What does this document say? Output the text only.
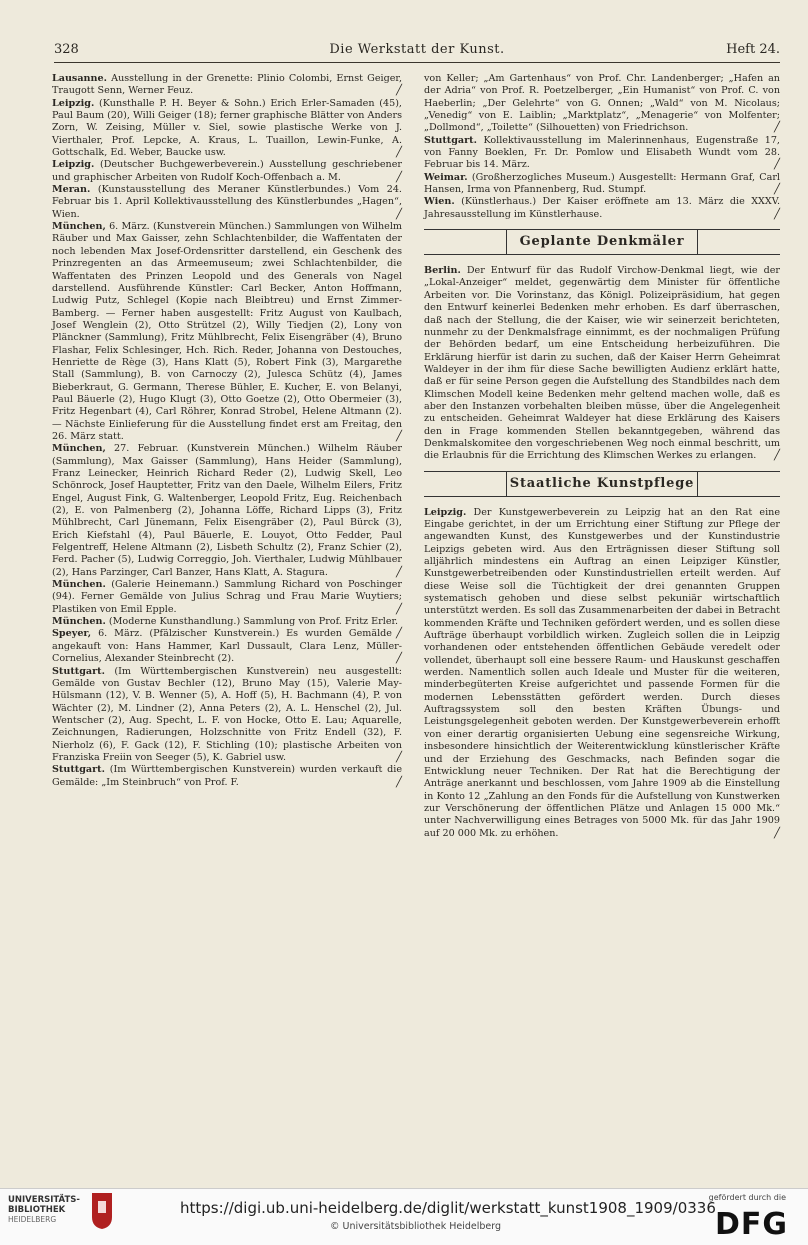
328	Die Werkstatt der Kunst.	Heft 24.

Lausanne. Ausstellung in der Grenette: Plinio Colombi, Ernst Geiger, Traugott Senn, Werner Feuz.	╱

Leipzig. (Kunsthalle P. H. Beyer & Sohn.) Erich Erler-Samaden (45), Paul Baum (20), Willi Geiger (18); ferner graphische Blätter von Anders Zorn, W. Zeising, Müller v. Siel, sowie plastische Werke von J. Vierthaler, Prof. Lepcke, A. Kraus, L. Tuaillon, Lewin-Funke, A. Gottschalk, Ed. Weber, Baucke usw.	╱

Leipzig. (Deutscher Buchgewerbeverein.) Ausstellung geschriebener und graphischer Arbeiten von Rudolf Koch-Offenbach a. M.	╱

Meran. (Kunstausstellung des Meraner Künstlerbundes.) Vom 24. Februar bis 1. April Kollektivausstellung des Künstlerbundes „Hagen“, Wien.	╱

München, 6. März. (Kunstverein München.) Sammlungen von Wilhelm Räuber und Max Gaisser, zehn Schlachtenbilder, die Waffentaten der noch lebenden Max Josef-Ordensritter darstellend, ein Geschenk des Prinzregenten an das Armeemuseum; zwei Schlachtenbilder, die Waffentaten des Prinzen Leopold und des Generals von Nagel darstellend. Ausführende Künstler: Carl Becker, Anton Hoffmann, Ludwig Putz, Schlegel (Kopie nach Bleibtreu) und Ernst Zimmer-Bamberg. — Ferner haben ausgestellt: Fritz August von Kaulbach, Josef Wenglein (2), Otto Strützel (2), Willy Tiedjen (2), Lony von Plänckner (Sammlung), Fritz Mühlbrecht, Felix Eisengräber (4), Bruno Flashar, Felix Schlesinger, Hch. Rich. Reder, Johanna von Destouches, Henriette de Rège (3), Hans Klatt (5), Robert Fink (3), Margarethe Stall (Sammlung), B. von Carnoczy (2), Julesca Schütz (4), James Bieberkraut, G. Germann, Therese Bühler, E. Kucher, E. von Belanyi, Paul Bäuerle (2), Hugo Klugt (3), Otto Goetze (2), Otto Obermeier (3), Fritz Hegenbart (4), Carl Röhrer, Konrad Strobel, Helene Altmann (2). — Nächste Einlieferung für die Ausstellung findet erst am Freitag, den 26. März statt.	╱

München, 27. Februar. (Kunstverein München.) Wilhelm Räuber (Sammlung), Max Gaisser (Sammlung), Hans Heider (Sammlung), Franz Leinecker, Heinrich Richard Reder (2), Ludwig Skell, Leo Schönrock, Josef Hauptetter, Fritz van den Daele, Wilhelm Eilers, Fritz Engel, August Fink, G. Waltenberger, Leopold Fritz, Eug. Reichenbach (2), E. von Palmenberg (2), Johanna Löffe, Richard Lipps (3), Fritz Mühlbrecht, Carl Jünemann, Felix Eisengräber (2), Paul Bürck (3), Erich Kiefstahl (4), Paul Bäuerle, E. Louyot, Otto Fedder, Paul Felgentreff, Helene Altmann (2), Lisbeth Schultz (2), Franz Schier (2), Ferd. Pacher (5), Ludwig Correggio, Joh. Vierthaler, Ludwig Mühlbauer (2), Hans Parzinger, Carl Banzer, Hans Klatt, A. Stagura.	╱

München. (Galerie Heinemann.) Sammlung Richard von Poschinger (94). Ferner Gemälde von Julius Schrag und Frau Marie Wuytiers; Plastiken von Emil Epple.	╱

München. (Moderne Kunsthandlung.) Sammlung von Prof. Fritz Erler.
╱

Speyer, 6. März. (Pfälzischer Kunstverein.) Es wurden Gemälde angekauft von: Hans Hammer, Karl Dussault, Clara Lenz, Müller-Cornelius, Alexander Steinbrecht (2).	╱

Stuttgart. (Im Württembergischen Kunstverein) neu ausgestellt: Gemälde von Gustav Bechler (12), Bruno May (15), Valerie May-Hülsmann (12), V. B. Wenner (5), A. Hoff (5), H. Bachmann (4), P. von Wächter (2), M. Lindner (2), Anna Peters (2), A. L. Henschel (2), Jul. Wentscher (2), Aug. Specht, L. F. von Hocke, Otto E. Lau; Aquarelle, Zeichnungen, Radierungen, Holzschnitte von Fritz Endell (32), F. Nierholz (6), F. Gack (12), F. Stichling (10); plastische Arbeiten von Franziska Freiin von Seeger (5), K. Gabriel usw.	╱

Stuttgart. (Im Württembergischen Kunstverein) wurden verkauft die Gemälde: „Im Steinbruch“ von Prof. F.	╱

von Keller; „Am Gartenhaus“ von Prof. Chr. Landenberger; „Hafen an der Adria“ von Prof. R. Poetzelberger, „Ein Humanist“ von Prof. C. von Haeberlin; „Der Gelehrte“ von G. Onnen; „Wald“ von M. Nicolaus; „Venedig“ von E. Laiblin; „Marktplatz“, „Menagerie“ von Molfenter; „Dollmond“, „Toilette“ (Silhouetten) von Friedrichson.	╱

Stuttgart. Kollektivausstellung im Malerinnenhaus, Eugenstraße 17, von Fanny Boeklen, Fr. Dr. Pomlow und Elisabeth Wundt vom 28. Februar bis 14. März.	╱

Weimar. (Großherzogliches Museum.) Ausgestellt: Hermann Graf, Carl Hansen, Irma von Pfannenberg, Rud. Stumpf.	╱

Wien. (Künstlerhaus.) Der Kaiser eröffnete am 13. März die XXXV. Jahresausstellung im Künstlerhause.	╱

Geplante Denkmäler

Berlin. Der Entwurf für das Rudolf Virchow-Denkmal liegt, wie der „Lokal-Anzeiger“ meldet, gegenwärtig dem Minister für öffentliche Arbeiten vor. Die Vorinstanz, das Königl. Polizeipräsidium, hat gegen den Entwurf keinerlei Bedenken mehr erhoben. Es darf überraschen, daß nach der Stellung, die der Kaiser, wie wir seinerzeit berichteten, nunmehr zu der Denkmalsfrage einnimmt, es der nochmaligen Prüfung der Behörden bedarf, um eine Entscheidung herbeizuführen. Die Erklärung hierfür ist darin zu suchen, daß der Kaiser Herrn Geheimrat Waldeyer in der ihm für diese Sache bewilligten Audienz erklärt hatte, daß er für seine Person gegen die Aufstellung des Standbildes nach dem Klimschen Modell keine Bedenken mehr geltend machen wolle, daß es aber den Instanzen vorbehalten bleiben müsse, über die Angelegenheit zu entscheiden. Geheimrat Waldeyer hat diese Erklärung des Kaisers den in Frage kommenden Stellen bekanntgegeben, während das Denkmalskomitee den vorgeschriebenen Weg noch einmal beschritt, um die Erlaubnis für die Errichtung des Klimschen Werkes zu erlangen. ╱

Staatliche Kunstpflege

Leipzig. Der Kunstgewerbeverein zu Leipzig hat an den Rat eine Eingabe gerichtet, in der um Errichtung einer Stiftung zur Pflege der angewandten Kunst, des Kunstgewerbes und der Kunstindustrie Leipzigs gebeten wird. Aus den Erträgnissen dieser Stiftung soll alljährlich mindestens ein Auftrag an einen Leipziger Künstler, Kunstgewerbetreibenden oder Kunstindustriellen erteilt werden. Auf diese Weise soll die Tüchtigkeit der drei genannten Gruppen systematisch gehoben und diese selbst pekuniär wirtschaftlich unterstützt werden. Es soll das Zusammenarbeiten der dabei in Betracht kommenden Kräfte und Techniken gefördert werden, und es sollen diese Aufträge überhaupt vorbildlich wirken. Zugleich sollen die in Leipzig vorhandenen oder entstehenden öffentlichen Gebäude veredelt oder vollendet, überhaupt soll eine bessere Raum- und Hauskunst geschaffen werden. Namentlich sollen auch Ideale und Muster für die weiteren, minderbegüterten Kreise aufgerichtet und passende Formen für die modernen Lebensstätten gefördert werden. Durch dieses Auftragssystem soll den besten Kräften Übungs- und Leistungsgelegenheit geboten werden. Der Kunstgewerbeverein erhofft von einer derartig organisierten Uebung eine segensreiche Wirkung, insbesondere hinsichtlich der Weiterentwicklung künstlerischer Kräfte und der Erziehung des Geschmacks, nach Befinden sogar die Entwicklung neuer Techniken. Der Rat hat die Berechtigung der Anträge anerkannt und beschlossen, vom Jahre 1909 ab die Einstellung in Konto 12 „Zahlung an den Fonds für die Aufstellung von Kunstwerken zur Verschönerung der öffentlichen Plätze und Anlagen 15 000 Mk.“ unter Nachverwilligung eines Betrages von 5000 Mk. für das Jahr 1909 auf 20 000 Mk. zu erhöhen.	╱

UNIVERSITÄTS-
BIBLIOTHEK
HEIDELBERG
https://digi.ub.uni-heidelberg.de/diglit/werkstatt_kunst1908_1909/0336
© Universitätsbibliothek Heidelberg
gefördert durch die
DFG
